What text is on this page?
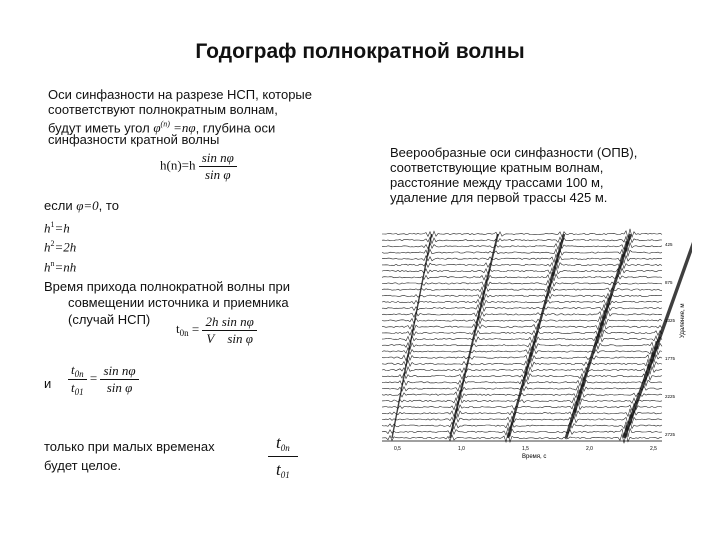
Годограф полнократной волны
Оси синфазности на разрезе НСП, которые
соответствуют полнократным волнам,
будут иметь угол $\varphi^{(n)} =n\varphi$, глубина оси
синфазности кратной волны
$h(n)=h \frac{\text{sin nφ}}{\text{sin φ}}$
если φ=0, то
$h^1=h$
$h^2=2h$
$h^n=nh$
Время прихода полнократной волны при
совмещении источника и приемника
(случай НСП)
$t_{0n} = \frac{\text{2h sin nφ}}{\text{V sin φ}}$
и $\frac{t_{0n}}{t_{01}} = \frac{\text{sin nφ}}{\text{sin φ}}$
только при малых временах
будет целое.	$\frac{t_{0n}}{t_{01}}$
Веерообразные оси синфазности (ОПВ),
соответствующие кратным волнам,
расстояние между трассами 100 м,
удаление для первой трассы 425 м.
0,5	1,0	1,5	2,0	2,5
425
875
1325
1775
2225
2725
Время, с
Удаление, м
